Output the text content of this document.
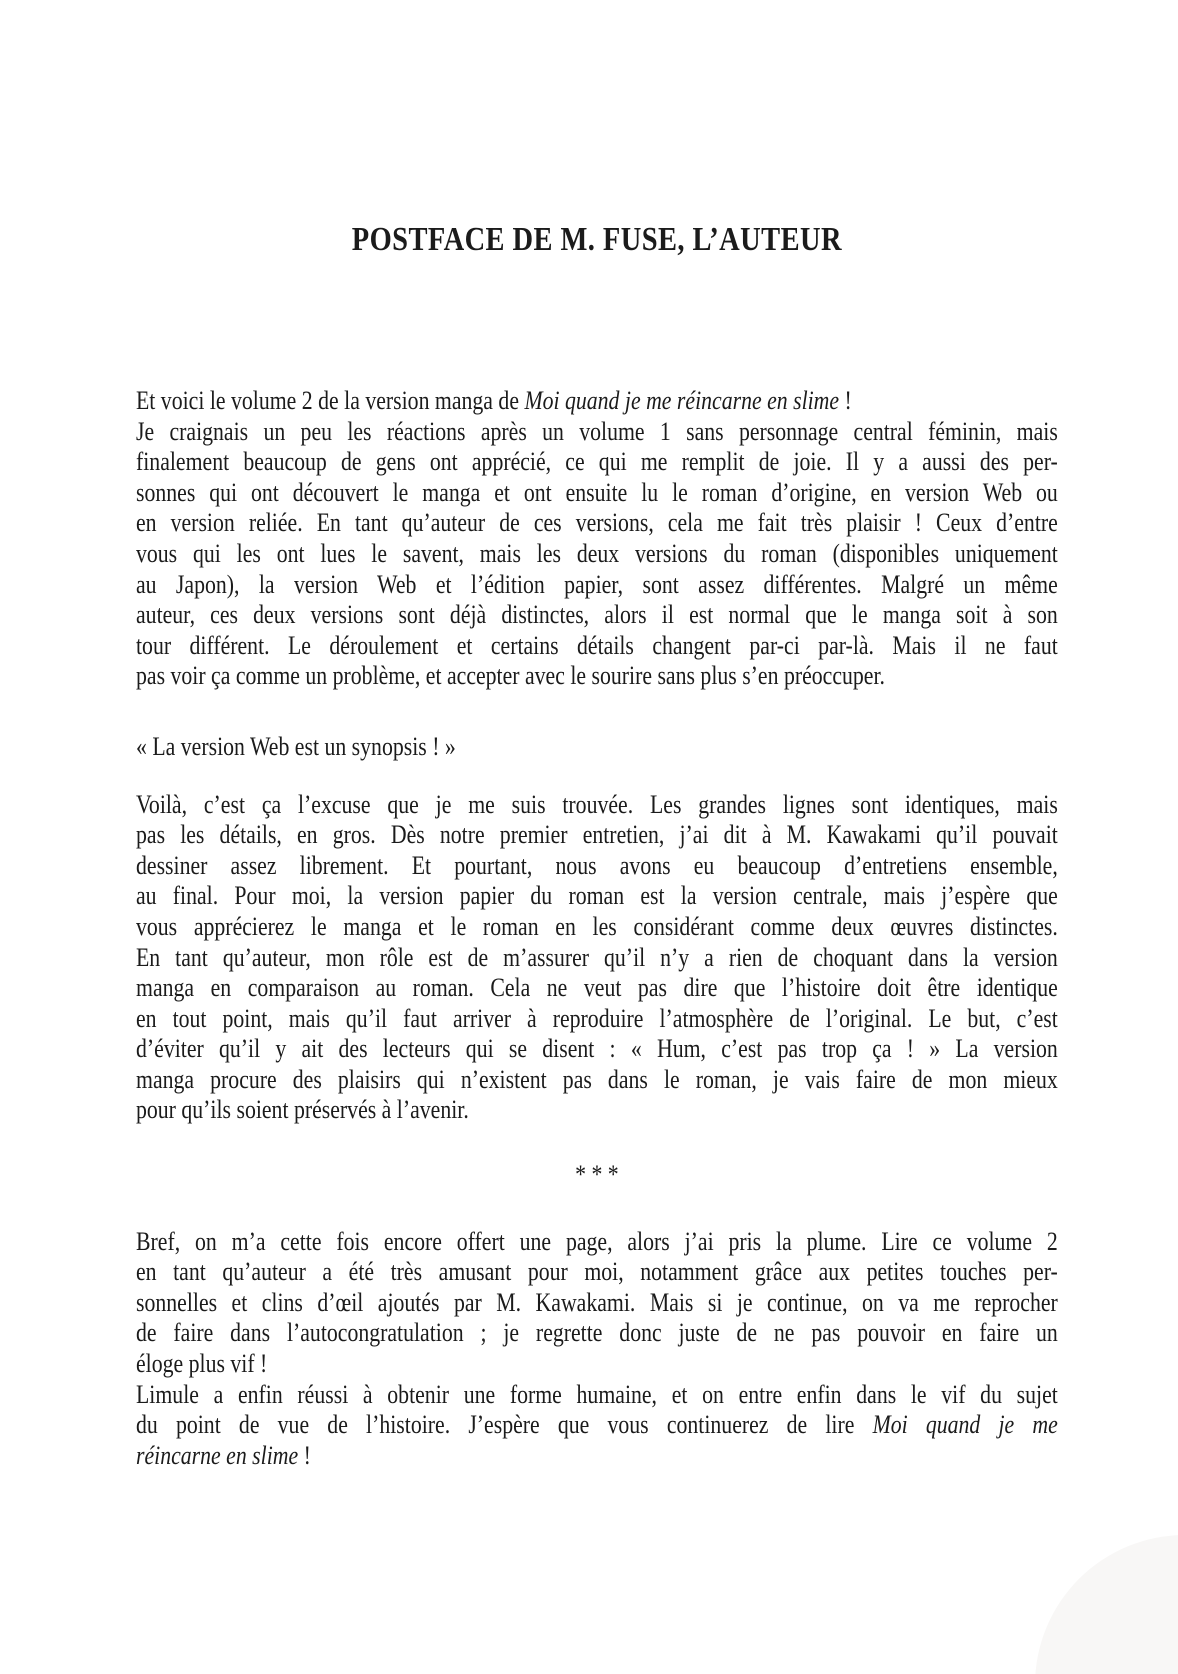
POSTFACE DE M. FUSE, L’AUTEUR
Et voici le volume 2 de la version manga de Moi quand je me réincarne en slime !
Je craignais un peu les réactions après un volume 1 sans personnage central féminin, mais
finalement beaucoup de gens ont apprécié, ce qui me remplit de joie. Il y a aussi des per-
sonnes qui ont découvert le manga et ont ensuite lu le roman d’origine, en version Web ou
en version reliée. En tant qu’auteur de ces versions, cela me fait très plaisir ! Ceux d’entre
vous qui les ont lues le savent, mais les deux versions du roman (disponibles uniquement
au Japon), la version Web et l’édition papier, sont assez différentes. Malgré un même
auteur, ces deux versions sont déjà distinctes, alors il est normal que le manga soit à son
tour différent. Le déroulement et certains détails changent par-ci par-là. Mais il ne faut
pas voir ça comme un problème, et accepter avec le sourire sans plus s’en préoccuper.
« La version Web est un synopsis ! »
Voilà, c’est ça l’excuse que je me suis trouvée. Les grandes lignes sont identiques, mais
pas les détails, en gros. Dès notre premier entretien, j’ai dit à M. Kawakami qu’il pouvait
dessiner assez librement. Et pourtant, nous avons eu beaucoup d’entretiens ensemble,
au final. Pour moi, la version papier du roman est la version centrale, mais j’espère que
vous apprécierez le manga et le roman en les considérant comme deux œuvres distinctes.
En tant qu’auteur, mon rôle est de m’assurer qu’il n’y a rien de choquant dans la version
manga en comparaison au roman. Cela ne veut pas dire que l’histoire doit être identique
en tout point, mais qu’il faut arriver à reproduire l’atmosphère de l’original. Le but, c’est
d’éviter qu’il y ait des lecteurs qui se disent : « Hum, c’est pas trop ça ! » La version
manga procure des plaisirs qui n’existent pas dans le roman, je vais faire de mon mieux
pour qu’ils soient préservés à l’avenir.
* * *
Bref, on m’a cette fois encore offert une page, alors j’ai pris la plume. Lire ce volume 2
en tant qu’auteur a été très amusant pour moi, notamment grâce aux petites touches per-
sonnelles et clins d’œil ajoutés par M. Kawakami. Mais si je continue, on va me reprocher
de faire dans l’autocongratulation ; je regrette donc juste de ne pas pouvoir en faire un
éloge plus vif !
Limule a enfin réussi à obtenir une forme humaine, et on entre enfin dans le vif du sujet
du point de vue de l’histoire. J’espère que vous continuerez de lire Moi quand je me
réincarne en slime !
